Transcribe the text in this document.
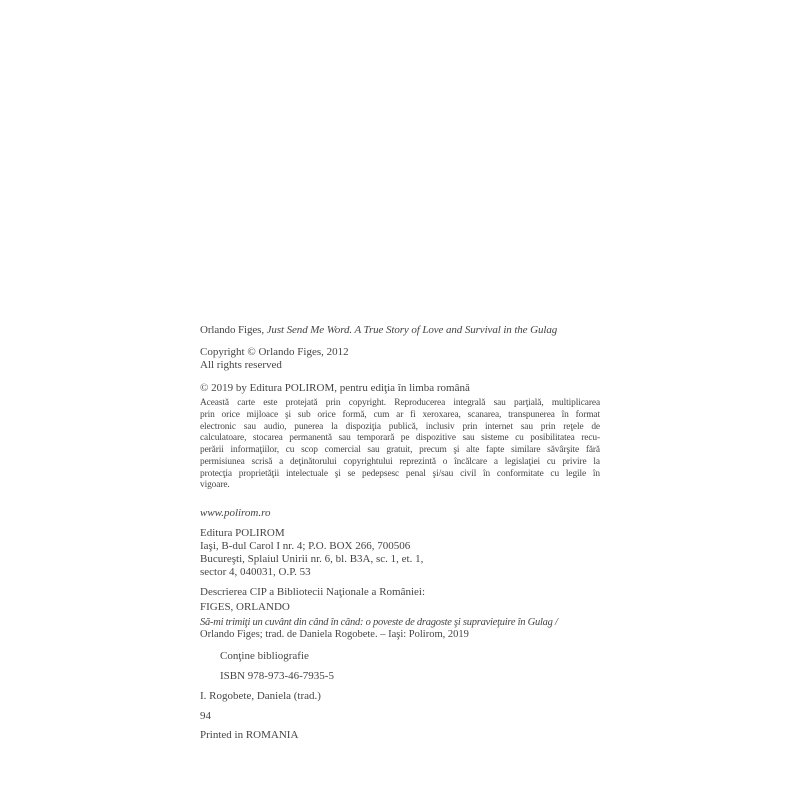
Orlando Figes, Just Send Me Word. A True Story of Love and Survival in the Gulag
Copyright © Orlando Figes, 2012
All rights reserved
© 2019 by Editura POLIROM, pentru ediţia în limba română
Această carte este protejată prin copyright. Reproducerea integrală sau parţială, multiplicarea
prin orice mijloace şi sub orice formă, cum ar fi xeroxarea, scanarea, transpunerea în format
electronic sau audio, punerea la dispoziţia publică, inclusiv prin internet sau prin reţele de
calculatoare, stocarea permanentă sau temporară pe dispozitive sau sisteme cu posibilitatea recu-
perării informaţiilor, cu scop comercial sau gratuit, precum şi alte fapte similare săvârşite fără
permisiunea scrisă a deţinătorului copyrightului reprezintă o încălcare a legislaţiei cu privire la
protecţia proprietăţii intelectuale şi se pedepsesc penal şi/sau civil în conformitate cu legile în
vigoare.
www.polirom.ro
Editura POLIROM
Iaşi, B-dul Carol I nr. 4; P.O. BOX 266, 700506
Bucureşti, Splaiul Unirii nr. 6, bl. B3A, sc. 1, et. 1,
sector 4, 040031, O.P. 53
Descrierea CIP a Bibliotecii Naţionale a României:
FIGES, ORLANDO
Să-mi trimiţi un cuvânt din când în când: o poveste de dragoste şi supravieţuire în Gulag /
Orlando Figes; trad. de Daniela Rogobete. – Iaşi: Polirom, 2019
Conţine bibliografie
ISBN 978-973-46-7935-5
I. Rogobete, Daniela (trad.)
94
Printed in ROMANIA
